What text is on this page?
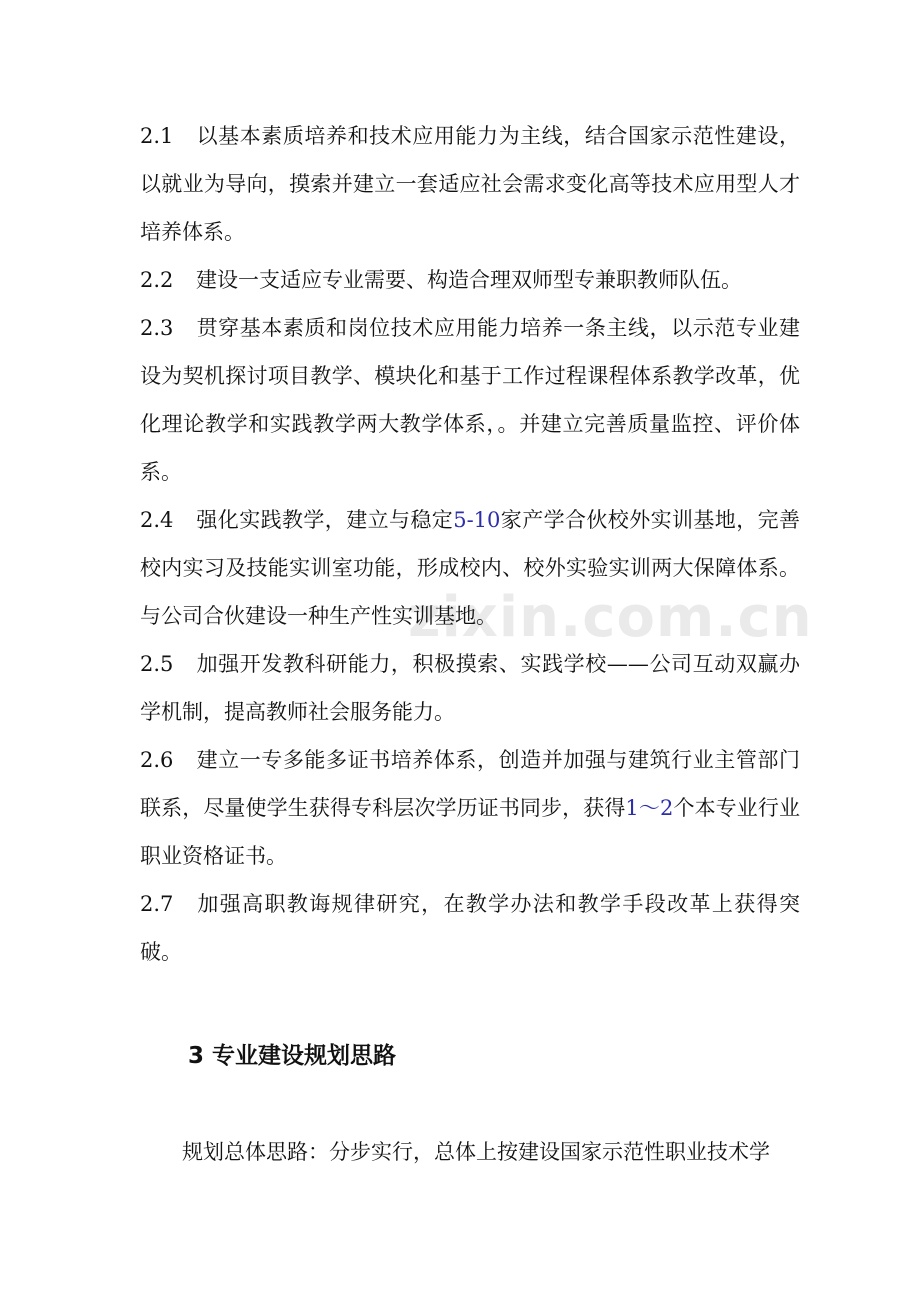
2.1 以基本素质培养和技术应用能力为主线，结合国家示范性建设，以就业为导向，摸索并建立一套适应社会需求变化高等技术应用型人才培养体系。

2.2 建设一支适应专业需要、构造合理双师型专兼职教师队伍。

2.3 贯穿基本素质和岗位技术应用能力培养一条主线，以示范专业建设为契机探讨项目教学、模块化和基于工作过程课程体系教学改革，优化理论教学和实践教学两大教学体系，。并建立完善质量监控、评价体系。

2.4 强化实践教学，建立与稳定5-10家产学合伙校外实训基地，完善校内实习及技能实训室功能，形成校内、校外实验实训两大保障体系。与公司合伙建设一种生产性实训基地。

2.5 加强开发教科研能力，积极摸索、实践学校——公司互动双赢办学机制，提高教师社会服务能力。

2.6 建立一专多能多证书培养体系，创造并加强与建筑行业主管部门联系，尽量使学生获得专科层次学历证书同步，获得1～2个本专业行业职业资格证书。

2.7 加强高职教诲规律研究，在教学办法和教学手段改革上获得突破。

3 专业建设规划思路

规划总体思路：分步实行，总体上按建设国家示范性职业技术学

zixin.com.cn
